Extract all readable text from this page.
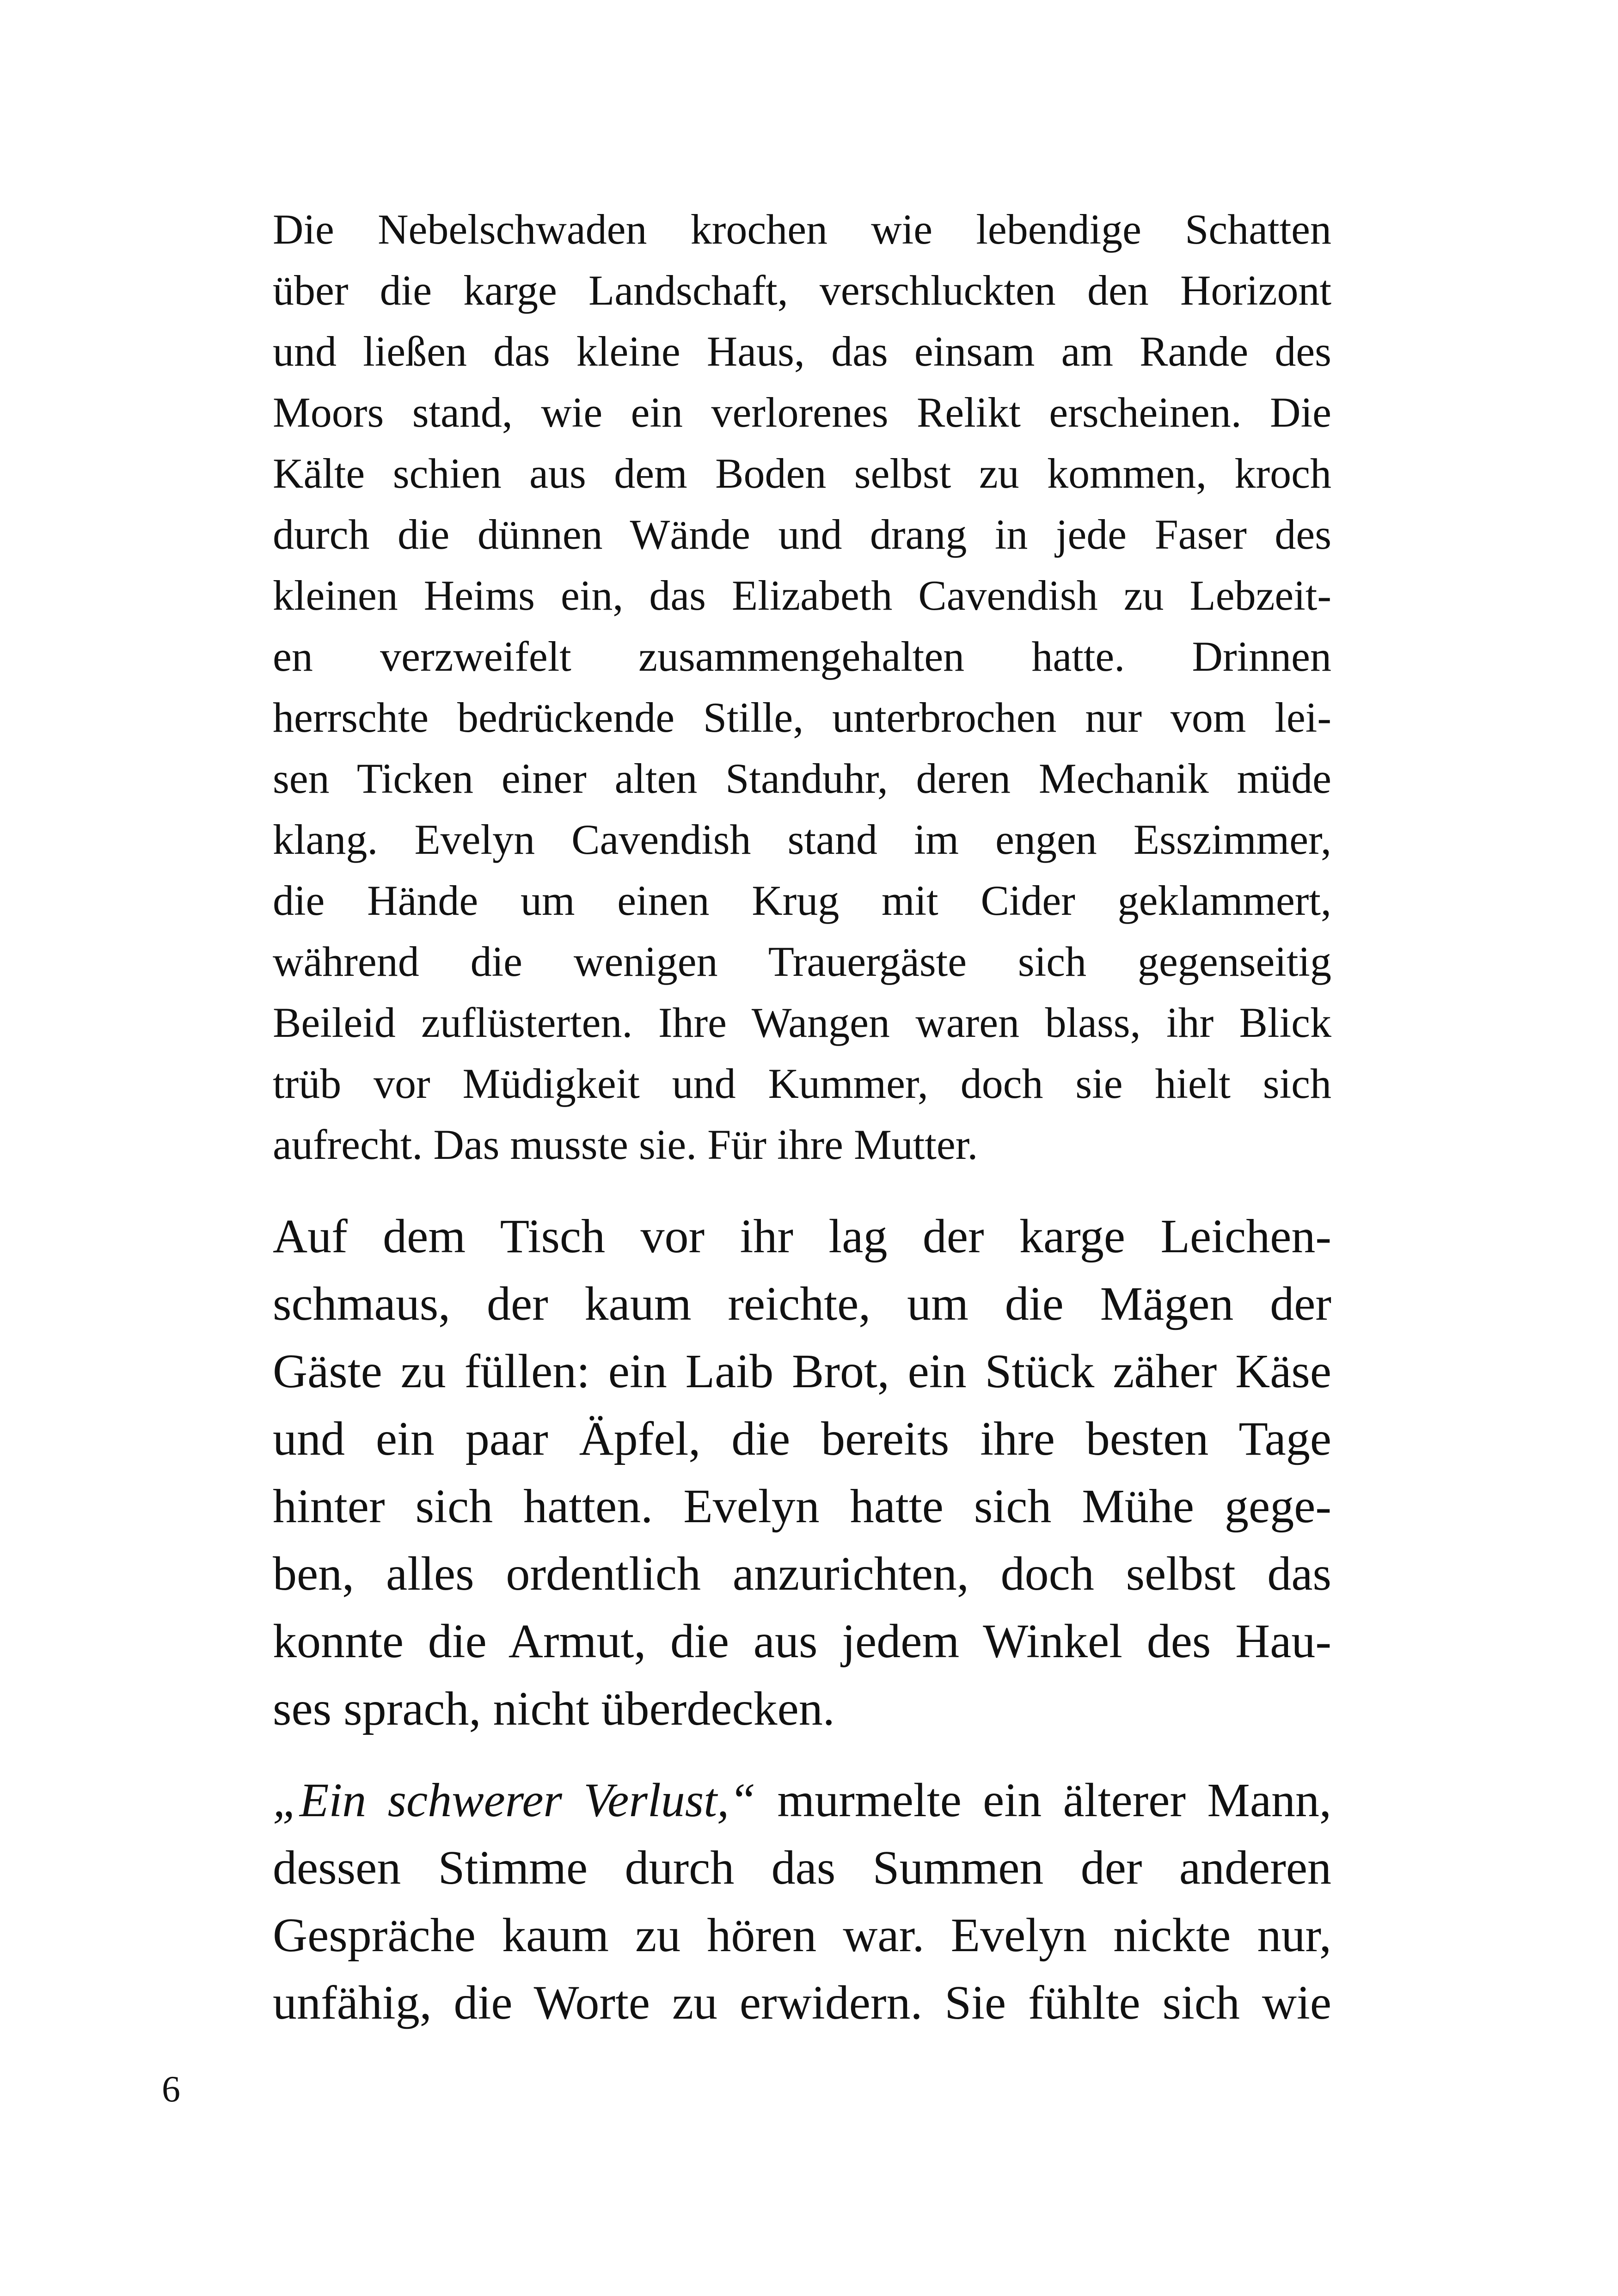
Die Nebelschwaden krochen wie lebendige Schatten
über die karge Landschaft, verschluckten den Horizont
und ließen das kleine Haus, das einsam am Rande des
Moors stand, wie ein verlorenes Relikt erscheinen. Die
Kälte schien aus dem Boden selbst zu kommen, kroch
durch die dünnen Wände und drang in jede Faser des
kleinen Heims ein, das Elizabeth Cavendish zu Lebzeit-
en verzweifelt zusammengehalten hatte. Drinnen
herrschte bedrückende Stille, unterbrochen nur vom lei-
sen Ticken einer alten Standuhr, deren Mechanik müde
klang. Evelyn Cavendish stand im engen Esszimmer,
die Hände um einen Krug mit Cider geklammert,
während die wenigen Trauergäste sich gegenseitig
Beileid zuflüsterten. Ihre Wangen waren blass, ihr Blick
trüb vor Müdigkeit und Kummer, doch sie hielt sich
aufrecht. Das musste sie. Für ihre Mutter.
Auf dem Tisch vor ihr lag der karge Leichen-
schmaus, der kaum reichte, um die Mägen der
Gäste zu füllen: ein Laib Brot, ein Stück zäher Käse
und ein paar Äpfel, die bereits ihre besten Tage
hinter sich hatten. Evelyn hatte sich Mühe gege-
ben, alles ordentlich anzurichten, doch selbst das
konnte die Armut, die aus jedem Winkel des Hau-
ses sprach, nicht überdecken.
„Ein schwerer Verlust,“ murmelte ein älterer Mann,
dessen Stimme durch das Summen der anderen
Gespräche kaum zu hören war. Evelyn nickte nur,
unfähig, die Worte zu erwidern. Sie fühlte sich wie
6
